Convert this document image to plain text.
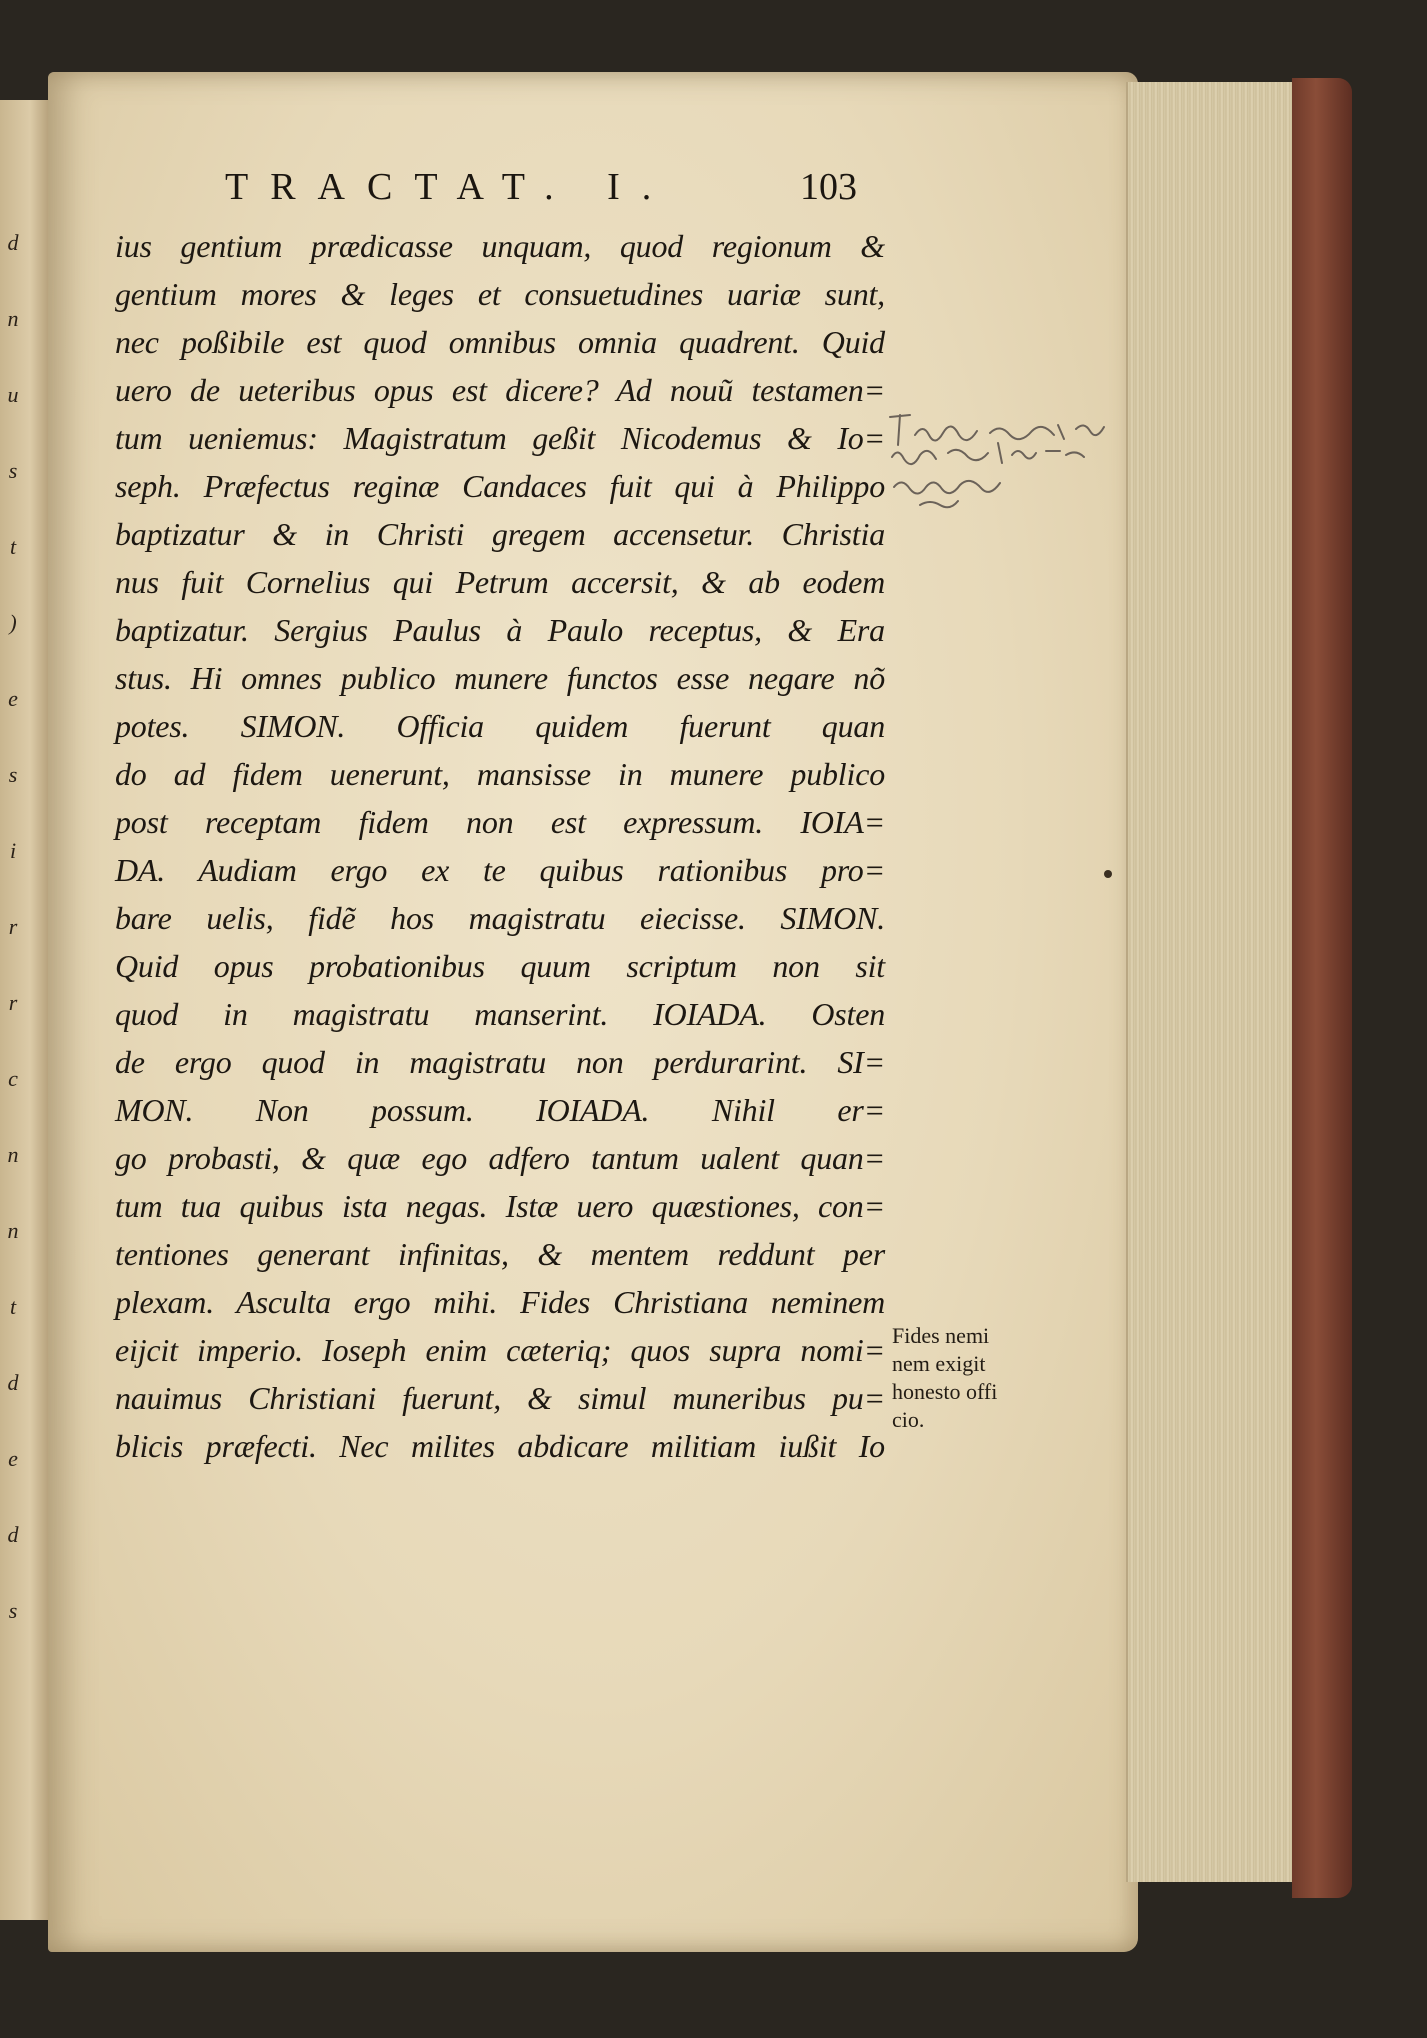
d
n
u
s
t
)
e
s
i
r
r
c
n
n
t
d
e
d
s
TRACTAT. I.	103
ius gentium prædicasse unquam, quod regionum &
gentium mores & leges et consuetudines uariæ sunt,
nec poßibile est quod omnibus omnia quadrent. Quid
uero de ueteribus opus est dicere? Ad nouũ testamen=
tum ueniemus: Magistratum geßit Nicodemus & Io=
seph. Præfectus reginæ Candaces fuit qui à Philippo
baptizatur & in Christi gregem accensetur. Christia
nus fuit Cornelius qui Petrum accersit, & ab eodem
baptizatur. Sergius Paulus à Paulo receptus, & Era
stus. Hi omnes publico munere functos esse negare nõ
potes. SIMON. Officia quidem fuerunt quan
do ad fidem uenerunt, mansisse in munere publico
post receptam fidem non est expressum. IOIA=
DA. Audiam ergo ex te quibus rationibus pro=
bare uelis, fidẽ hos magistratu eiecisse. SIMON.
Quid opus probationibus quum scriptum non sit
quod in magistratu manserint. IOIADA. Osten
de ergo quod in magistratu non perdurarint. SI=
MON. Non possum. IOIADA. Nihil er=
go probasti, & quæ ego adfero tantum ualent quan=
tum tua quibus ista negas. Istæ uero quæstiones, con=
tentiones generant infinitas, & mentem reddunt per
plexam. Asculta ergo mihi. Fides Christiana neminem
eijcit imperio. Ioseph enim cæteriq; quos supra nomi=
nauimus Christiani fuerunt, & simul muneribus pu=
blicis præfecti. Nec milites abdicare militiam iußit Io
Fides nemi
nem exigit
honesto offi
cio.
